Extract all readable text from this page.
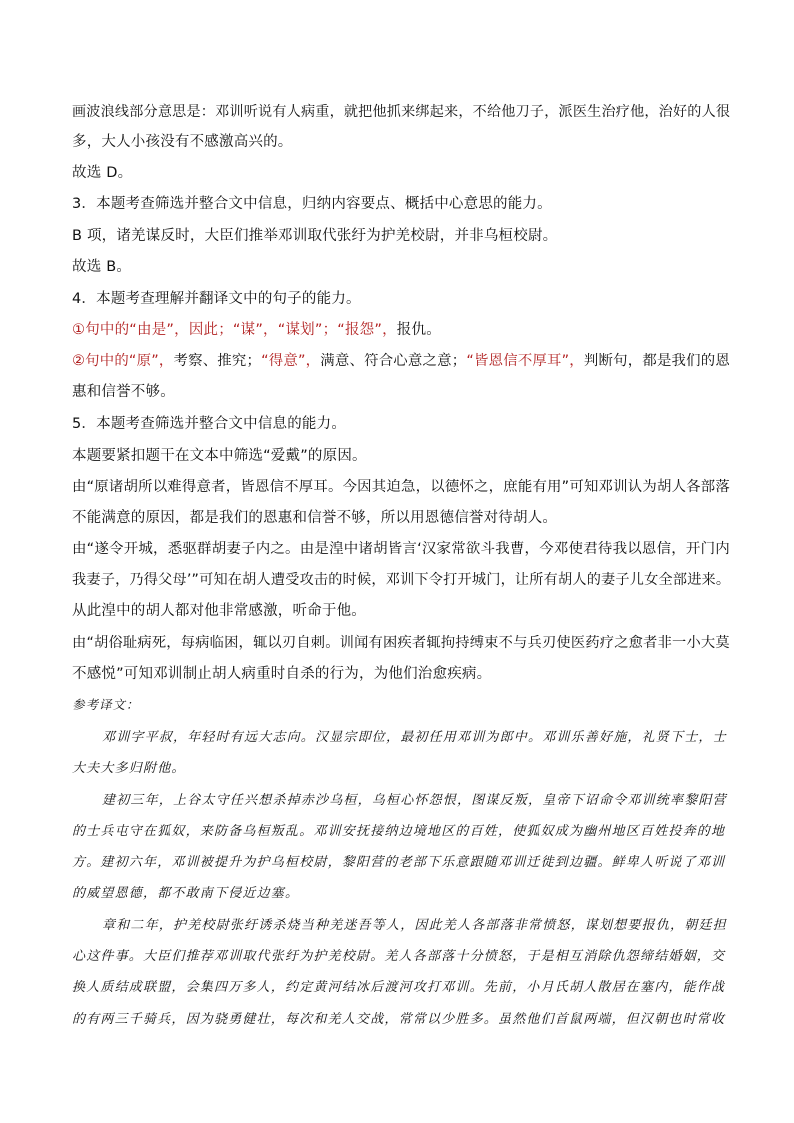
画波浪线部分意思是：邓训听说有人病重，就把他抓来绑起来，不给他刀子，派医生治疗他，治好的人很
多，大人小孩没有不感激高兴的。
故选 D。
3．本题考查筛选并整合文中信息，归纳内容要点、概括中心意思的能力。
B 项，诸羌谋反时，大臣们推举邓训取代张纡为护羌校尉，并非乌桓校尉。
故选 B。
4．本题考查理解并翻译文中的句子的能力。
①句中的“由是”，因此；“谋”，“谋划”；“报怨”，报仇。
②句中的“原”，考察、推究；“得意”，满意、符合心意之意；“皆恩信不厚耳”，判断句，都是我们的恩
惠和信誉不够。
5．本题考查筛选并整合文中信息的能力。
本题要紧扣题干在文本中筛选“爱戴”的原因。
由“原诸胡所以难得意者，皆恩信不厚耳。今因其迫急，以德怀之，庶能有用”可知邓训认为胡人各部落
不能满意的原因，都是我们的恩惠和信誉不够，所以用恩德信誉对待胡人。
由“遂令开城，悉驱群胡妻子内之。由是湟中诸胡皆言‘汉家常欲斗我曹，今邓使君待我以恩信，开门内
我妻子，乃得父母’”可知在胡人遭受攻击的时候，邓训下令打开城门，让所有胡人的妻子儿女全部进来。
从此湟中的胡人都对他非常感激，听命于他。
由“胡俗耻病死，每病临困，辄以刃自刺。训闻有困疾者辄拘持缚束不与兵刃使医药疗之愈者非一小大莫
不感悦”可知邓训制止胡人病重时自杀的行为，为他们治愈疾病。
参考译文：
邓训字平叔，年轻时有远大志向。汉显宗即位，最初任用邓训为郎中。邓训乐善好施，礼贤下士，士
大夫大多归附他。
建初三年，上谷太守任兴想杀掉赤沙乌桓，乌桓心怀怨恨，图谋反叛，皇帝下诏命令邓训统率黎阳营
的士兵屯守在狐奴，来防备乌桓叛乱。邓训安抚接纳边境地区的百姓，使狐奴成为幽州地区百姓投奔的地
方。建初六年，邓训被提升为护乌桓校尉，黎阳营的老部下乐意跟随邓训迁徙到边疆。鲜卑人听说了邓训
的威望恩德，都不敢南下侵近边塞。
章和二年，护羌校尉张纡诱杀烧当种羌迷吾等人，因此羌人各部落非常愤怒，谋划想要报仇，朝廷担
心这件事。大臣们推荐邓训取代张纡为护羌校尉。羌人各部落十分愤怒，于是相互消除仇怨缔结婚姻，交
换人质结成联盟，会集四万多人，约定黄河结冰后渡河攻打邓训。先前，小月氏胡人散居在塞内，能作战
的有两三千骑兵，因为骁勇健壮，每次和羌人交战，常常以少胜多。虽然他们首鼠两端，但汉朝也时常收
